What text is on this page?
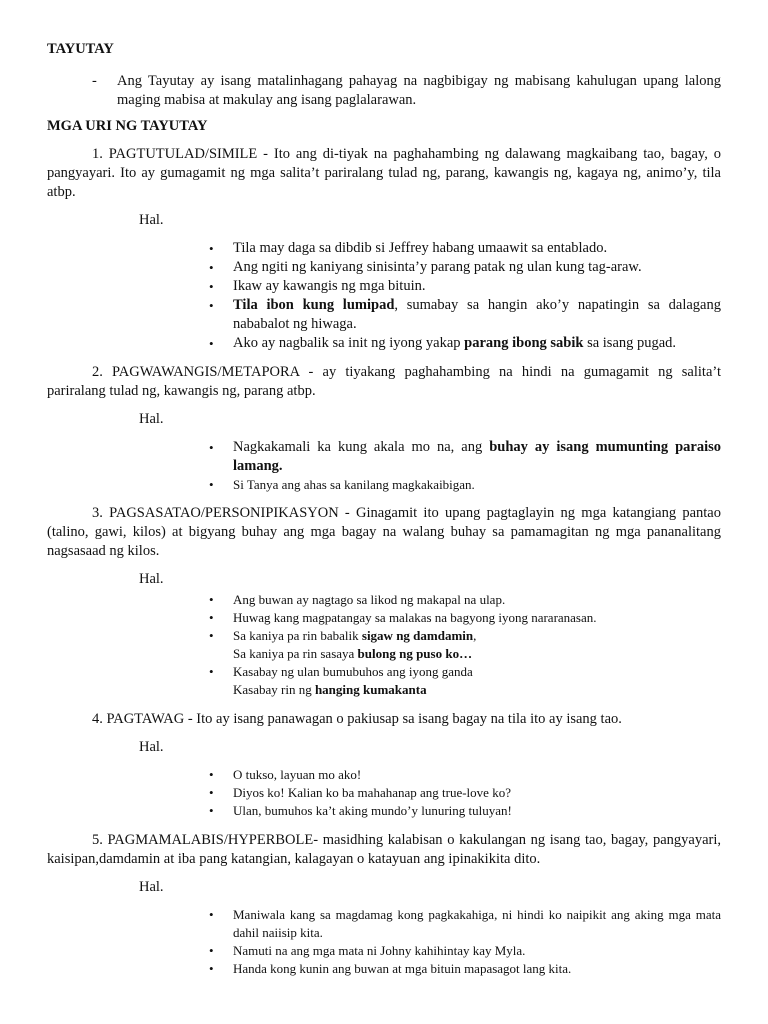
TAYUTAY
- Ang Tayutay ay isang matalinhagang pahayag na nagbibigay ng mabisang kahulugan upang lalong maging mabisa at makulay ang isang paglalarawan.
MGA URI NG TAYUTAY
1. PAGTUTULAD/SIMILE - Ito ang di-tiyak na paghahambing ng dalawang magkaibang tao, bagay, o pangyayari. Ito ay gumagamit ng mga salita’t pariralang tulad ng, parang, kawangis ng, kagaya ng, animo’y, tila atbp.
Hal.
• Tila may daga sa dibdib si Jeffrey habang umaawit sa entablado.
• Ang ngiti ng kaniyang sinisinta’y parang patak ng ulan kung tag-araw.
• Ikaw ay kawangis ng mga bituin.
• Tila ibon kung lumipad, sumabay sa hangin ako’y napatingin sa dalagang nababalot ng hiwaga.
• Ako ay nagbalik sa init ng iyong yakap parang ibong sabik sa isang pugad.
2. PAGWAWANGIS/METAPORA - ay tiyakang paghahambing na hindi na gumagamit ng salita’t pariralang tulad ng, kawangis ng, parang atbp.
Hal.
• Nagkakamali ka kung akala mo na, ang buhay ay isang mumunting paraiso lamang.
• Si Tanya ang ahas sa kanilang magkakaibigan.
3. PAGSASATAO/PERSONIPIKASYON - Ginagamit ito upang pagtaglayin ng mga katangiang pantao (talino, gawi, kilos) at bigyang buhay ang mga bagay na walang buhay sa pamamagitan ng mga pananalitang nagsasaad ng kilos.
Hal.
• Ang buwan ay nagtago sa likod ng makapal na ulap.
• Huwag kang magpatangay sa malakas na bagyong iyong nararanasan.
• Sa kaniya pa rin babalik sigaw ng damdamin,
Sa kaniya pa rin sasaya bulong ng puso ko…
• Kasabay ng ulan bumubuhos ang iyong ganda
Kasabay rin ng hanging kumakanta
4. PAGTAWAG - Ito ay isang panawagan o pakiusap sa isang bagay na tila ito ay isang tao.
Hal.
• O tukso, layuan mo ako!
• Diyos ko! Kalian ko ba mahahanap ang true-love ko?
• Ulan, bumuhos ka’t aking mundo’y lunuring tuluyan!
5. PAGMAMALABIS/HYPERBOLE- masidhing kalabisan o kakulangan ng isang tao, bagay, pangyayari, kaisipan,damdamin at iba pang katangian, kalagayan o katayuan ang ipinakikita dito.
Hal.
• Maniwala kang sa magdamag kong pagkakahiga, ni hindi ko naipikit ang aking mga mata dahil naiisip kita.
• Namuti na ang mga mata ni Johny kahihintay kay Myla.
• Handa kong kunin ang buwan at mga bituin mapasagot lang kita.
